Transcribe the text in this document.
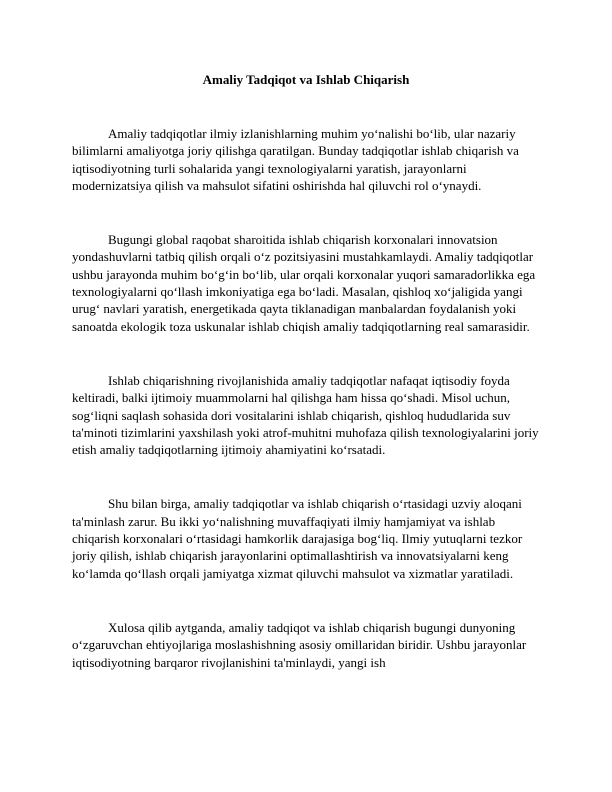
Amaliy Tadqiqot va Ishlab Chiqarish

Amaliy tadqiqotlar ilmiy izlanishlarning muhim yo‘nalishi bo‘lib, ular nazariy bilimlarni amaliyotga joriy qilishga qaratilgan. Bunday tadqiqotlar ishlab chiqarish va iqtisodiyotning turli sohalarida yangi texnologiyalarni yaratish, jarayonlarni modernizatsiya qilish va mahsulot sifatini oshirishda hal qiluvchi rol o‘ynaydi.

Bugungi global raqobat sharoitida ishlab chiqarish korxonalari innovatsion yondashuvlarni tatbiq qilish orqali o‘z pozitsiyasini mustahkamlaydi. Amaliy tadqiqotlar ushbu jarayonda muhim bo‘g‘in bo‘lib, ular orqali korxonalar yuqori samaradorlikka ega texnologiyalarni qo‘llash imkoniyatiga ega bo‘ladi. Masalan, qishloq xo‘jaligida yangi urug‘ navlari yaratish, energetikada qayta tiklanadigan manbalardan foydalanish yoki sanoatda ekologik toza uskunalar ishlab chiqish amaliy tadqiqotlarning real samarasidir.

Ishlab chiqarishning rivojlanishida amaliy tadqiqotlar nafaqat iqtisodiy foyda keltiradi, balki ijtimoiy muammolarni hal qilishga ham hissa qo‘shadi. Misol uchun, sog‘liqni saqlash sohasida dori vositalarini ishlab chiqarish, qishloq hududlarida suv ta'minoti tizimlarini yaxshilash yoki atrof-muhitni muhofaza qilish texnologiyalarini joriy etish amaliy tadqiqotlarning ijtimoiy ahamiyatini ko‘rsatadi.

Shu bilan birga, amaliy tadqiqotlar va ishlab chiqarish o‘rtasidagi uzviy aloqani ta'minlash zarur. Bu ikki yo‘nalishning muvaffaqiyati ilmiy hamjamiyat va ishlab chiqarish korxonalari o‘rtasidagi hamkorlik darajasiga bog‘liq. Ilmiy yutuqlarni tezkor joriy qilish, ishlab chiqarish jarayonlarini optimallashtirish va innovatsiyalarni keng ko‘lamda qo‘llash orqali jamiyatga xizmat qiluvchi mahsulot va xizmatlar yaratiladi.

Xulosa qilib aytganda, amaliy tadqiqot va ishlab chiqarish bugungi dunyoning o‘zgaruvchan ehtiyojlariga moslashishning asosiy omillaridan biridir. Ushbu jarayonlar iqtisodiyotning barqaror rivojlanishini ta'minlaydi, yangi ish
